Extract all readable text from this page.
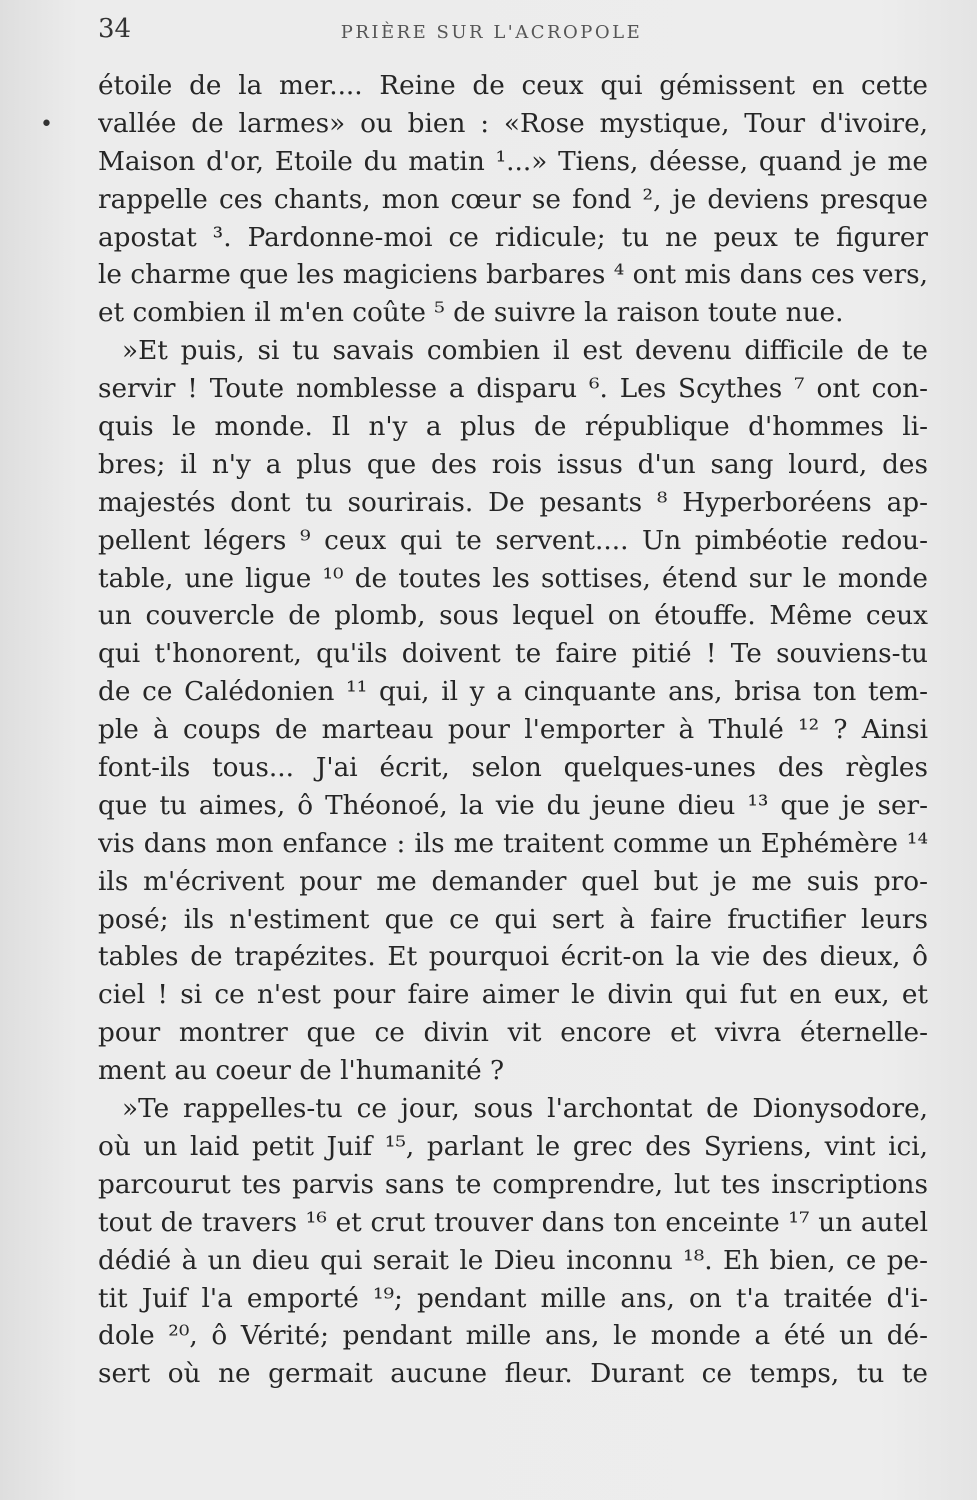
34	PRIÈRE SUR L'ACROPOLE
•
étoile de la mer.... Reine de ceux qui gémissent en cette
vallée de larmes» ou bien : «Rose mystique, Tour d'ivoire,
Maison d'or, Etoile du matin ¹...» Tiens, déesse, quand je me
rappelle ces chants, mon cœur se fond ², je deviens presque
apostat ³. Pardonne-moi ce ridicule; tu ne peux te figurer
le charme que les magiciens barbares ⁴ ont mis dans ces vers,
et combien il m'en coûte ⁵ de suivre la raison toute nue.
»Et puis, si tu savais combien il est devenu difficile de te
servir ! Toute nomblesse a disparu ⁶. Les Scythes ⁷ ont con-
quis le monde. Il n'y a plus de république d'hommes li-
bres; il n'y a plus que des rois issus d'un sang lourd, des
majestés dont tu sourirais. De pesants ⁸ Hyperboréens ap-
pellent légers ⁹ ceux qui te servent.... Un pimbéotie redou-
table, une ligue ¹⁰ de toutes les sottises, étend sur le monde
un couvercle de plomb, sous lequel on étouffe. Même ceux
qui t'honorent, qu'ils doivent te faire pitié ! Te souviens-tu
de ce Calédonien ¹¹ qui, il y a cinquante ans, brisa ton tem-
ple à coups de marteau pour l'emporter à Thulé ¹² ? Ainsi
font-ils tous... J'ai écrit, selon quelques-unes des règles
que tu aimes, ô Théonoé, la vie du jeune dieu ¹³ que je ser-
vis dans mon enfance : ils me traitent comme un Ephémère ¹⁴
ils m'écrivent pour me demander quel but je me suis pro-
posé; ils n'estiment que ce qui sert à faire fructifier leurs
tables de trapézites. Et pourquoi écrit-on la vie des dieux, ô
ciel ! si ce n'est pour faire aimer le divin qui fut en eux, et
pour montrer que ce divin vit encore et vivra éternelle-
ment au coeur de l'humanité ?
»Te rappelles-tu ce jour, sous l'archontat de Dionysodore,
où un laid petit Juif ¹⁵, parlant le grec des Syriens, vint ici,
parcourut tes parvis sans te comprendre, lut tes inscriptions
tout de travers ¹⁶ et crut trouver dans ton enceinte ¹⁷ un autel
dédié à un dieu qui serait le Dieu inconnu ¹⁸. Eh bien, ce pe-
tit Juif l'a emporté ¹⁹; pendant mille ans, on t'a traitée d'i-
dole ²⁰, ô Vérité; pendant mille ans, le monde a été un dé-
sert où ne germait aucune fleur. Durant ce temps, tu te
